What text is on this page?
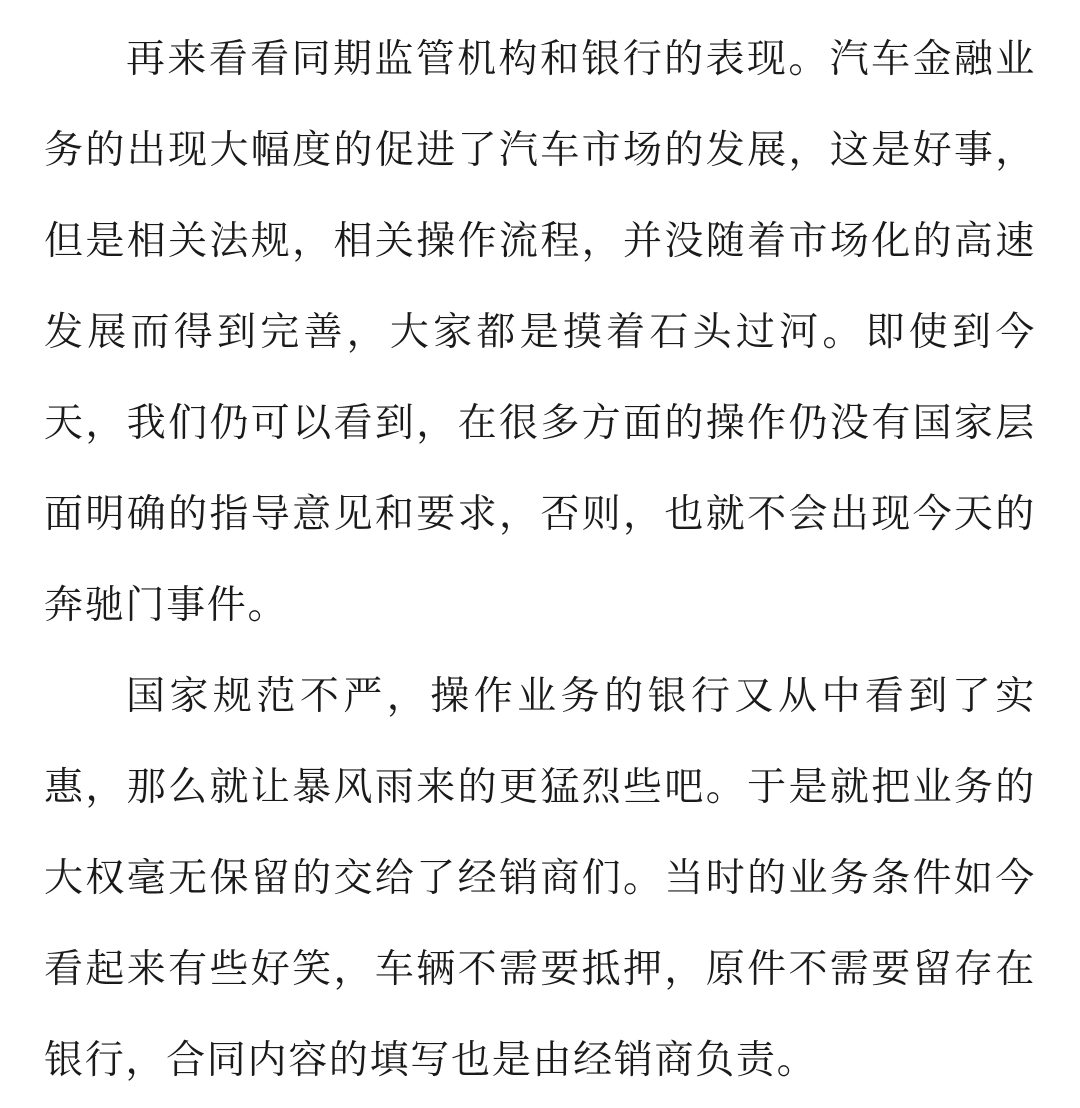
再来看看同期监管机构和银行的表现。汽车金融业务的出现大幅度的促进了汽车市场的发展，这是好事，但是相关法规，相关操作流程，并没随着市场化的高速发展而得到完善，大家都是摸着石头过河。即使到今天，我们仍可以看到，在很多方面的操作仍没有国家层面明确的指导意见和要求，否则，也就不会出现今天的奔驰门事件。

国家规范不严，操作业务的银行又从中看到了实惠，那么就让暴风雨来的更猛烈些吧。于是就把业务的大权毫无保留的交给了经销商们。当时的业务条件如今看起来有些好笑，车辆不需要抵押，原件不需要留存在银行，合同内容的填写也是由经销商负责。
